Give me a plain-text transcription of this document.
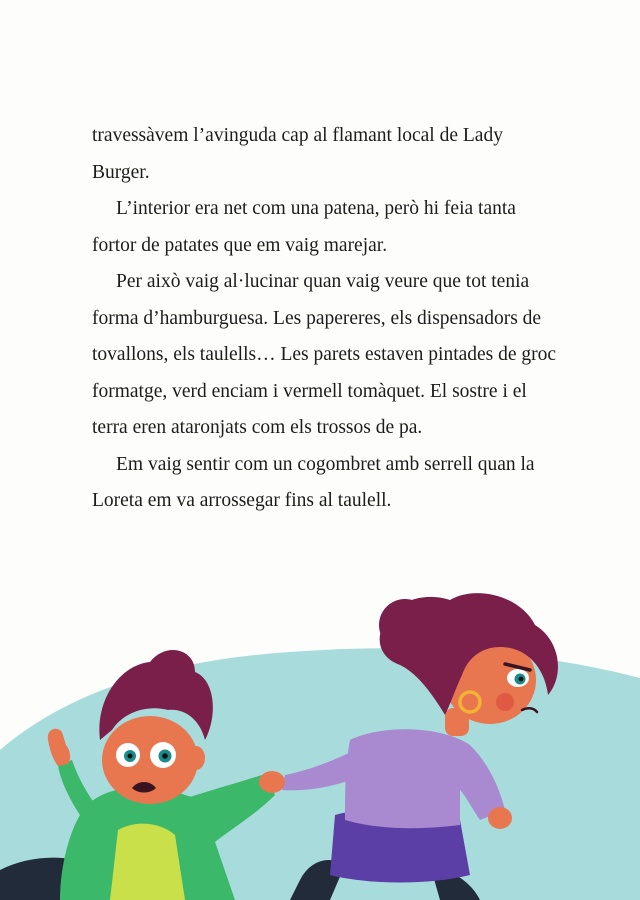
travessàvem l’avinguda cap al flamant local de Lady Burger.

L’interior era net com una patena, però hi feia tanta fortor de patates que em vaig marejar.

Per això vaig al·lucinar quan vaig veure que tot tenia forma d’hamburguesa. Les papereres, els dispensadors de tovallons, els taulells… Les parets estaven pintades de groc formatge, verd enciam i vermell tomàquet. El sostre i el terra eren ataronjats com els trossos de pa.

Em vaig sentir com un cogombret amb serrell quan la Loreta em va arrossegar fins al taulell.
